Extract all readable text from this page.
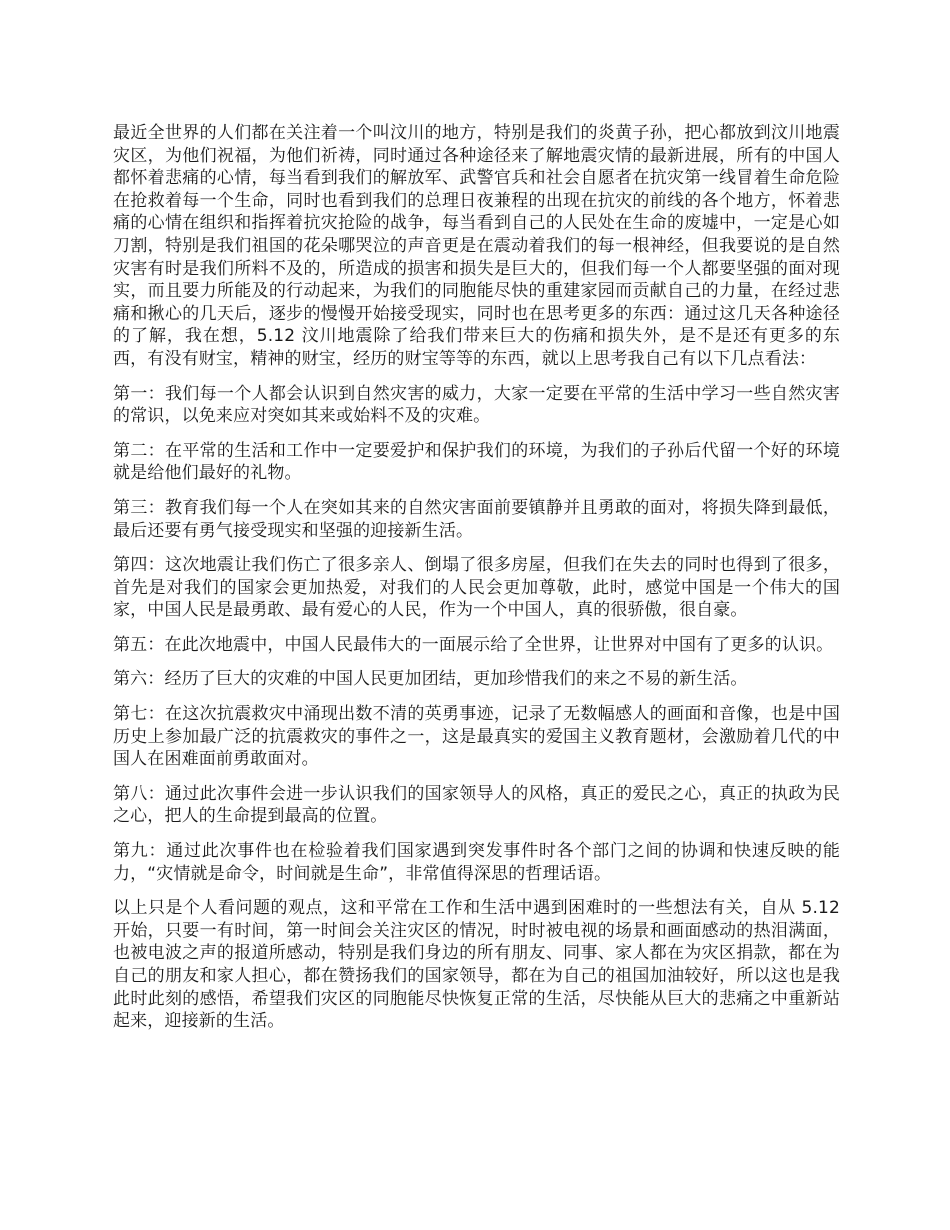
最近全世界的人们都在关注着一个叫汶川的地方，特别是我们的炎黄子孙，把心都放到汶川地震灾区，为他们祝福，为他们祈祷，同时通过各种途径来了解地震灾情的最新进展，所有的中国人都怀着悲痛的心情，每当看到我们的解放军、武警官兵和社会自愿者在抗灾第一线冒着生命危险在抢救着每一个生命，同时也看到我们的总理日夜兼程的出现在抗灾的前线的各个地方，怀着悲痛的心情在组织和指挥着抗灾抢险的战争，每当看到自己的人民处在生命的废墟中，一定是心如刀割，特别是我们祖国的花朵哪哭泣的声音更是在震动着我们的每一根神经，但我要说的是自然灾害有时是我们所料不及的，所造成的损害和损失是巨大的，但我们每一个人都要坚强的面对现实，而且要力所能及的行动起来，为我们的同胞能尽快的重建家园而贡献自己的力量，在经过悲痛和揪心的几天后，逐步的慢慢开始接受现实，同时也在思考更多的东西：通过这几天各种途径的了解，我在想，5.12 汶川地震除了给我们带来巨大的伤痛和损失外，是不是还有更多的东西，有没有财宝，精神的财宝，经历的财宝等等的东西，就以上思考我自己有以下几点看法：

第一：我们每一个人都会认识到自然灾害的威力，大家一定要在平常的生活中学习一些自然灾害的常识，以免来应对突如其来或始料不及的灾难。

第二：在平常的生活和工作中一定要爱护和保护我们的环境，为我们的子孙后代留一个好的环境就是给他们最好的礼物。

第三：教育我们每一个人在突如其来的自然灾害面前要镇静并且勇敢的面对，将损失降到最低，最后还要有勇气接受现实和坚强的迎接新生活。

第四：这次地震让我们伤亡了很多亲人、倒塌了很多房屋，但我们在失去的同时也得到了很多，首先是对我们的国家会更加热爱，对我们的人民会更加尊敬，此时，感觉中国是一个伟大的国家，中国人民是最勇敢、最有爱心的人民，作为一个中国人，真的很骄傲，很自豪。

第五：在此次地震中，中国人民最伟大的一面展示给了全世界，让世界对中国有了更多的认识。

第六：经历了巨大的灾难的中国人民更加团结，更加珍惜我们的来之不易的新生活。

第七：在这次抗震救灾中涌现出数不清的英勇事迹，记录了无数幅感人的画面和音像，也是中国历史上参加最广泛的抗震救灾的事件之一，这是最真实的爱国主义教育题材，会激励着几代的中国人在困难面前勇敢面对。

第八：通过此次事件会进一步认识我们的国家领导人的风格，真正的爱民之心，真正的执政为民之心，把人的生命提到最高的位置。

第九：通过此次事件也在检验着我们国家遇到突发事件时各个部门之间的协调和快速反映的能力，“灾情就是命令，时间就是生命”，非常值得深思的哲理话语。

以上只是个人看问题的观点，这和平常在工作和生活中遇到困难时的一些想法有关，自从 5.12 开始，只要一有时间，第一时间会关注灾区的情况，时时被电视的场景和画面感动的热泪满面，也被电波之声的报道所感动，特别是我们身边的所有朋友、同事、家人都在为灾区捐款，都在为自己的朋友和家人担心，都在赞扬我们的国家领导，都在为自己的祖国加油较好，所以这也是我此时此刻的感悟，希望我们灾区的同胞能尽快恢复正常的生活，尽快能从巨大的悲痛之中重新站起来，迎接新的生活。
